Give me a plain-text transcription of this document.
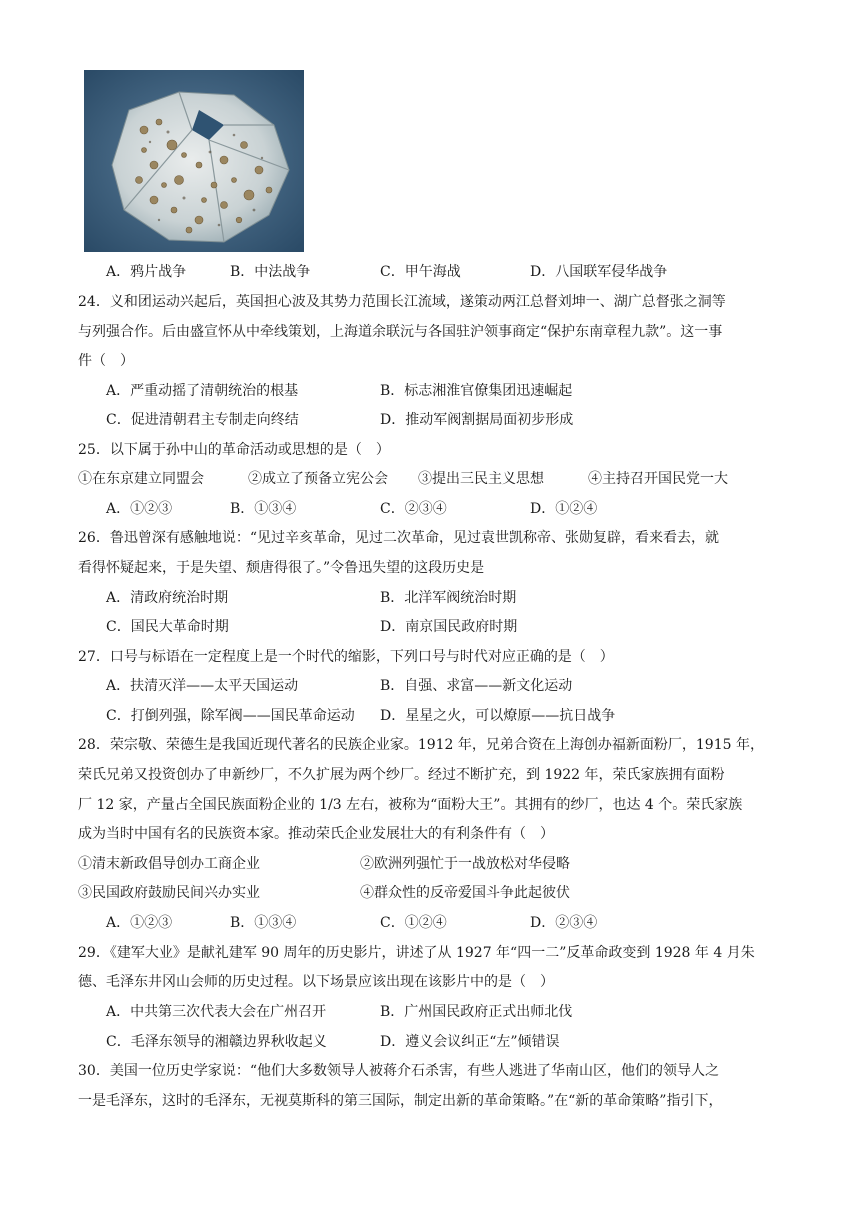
A．鸦片战争	B．中法战争	C．甲午海战	D．八国联军侵华战争
24．义和团运动兴起后，英国担心波及其势力范围长江流域，遂策动两江总督刘坤一、湖广总督张之洞等
与列强合作。后由盛宣怀从中牵线策划，上海道余联沅与各国驻沪领事商定“保护东南章程九款”。这一事
件（　）
A．严重动摇了清朝统治的根基	B．标志湘淮官僚集团迅速崛起
C．促进清朝君主专制走向终结	D．推动军阀割据局面初步形成
25．以下属于孙中山的革命活动或思想的是（　）
①在东京建立同盟会	②成立了预备立宪公会 ③提出三民主义思想	④主持召开国民党一大
A．①②③	B．①③④	C．②③④	D．①②④
26．鲁迅曾深有感触地说：“见过辛亥革命，见过二次革命，见过袁世凯称帝、张勋复辟，看来看去，就
看得怀疑起来，于是失望、颓唐得很了。”令鲁迅失望的这段历史是
A．清政府统治时期	B．北洋军阀统治时期
C．国民大革命时期	D．南京国民政府时期
27．口号与标语在一定程度上是一个时代的缩影，下列口号与时代对应正确的是（　）
A．扶清灭洋——太平天国运动	B．自强、求富——新文化运动
C．打倒列强，除军阀——国民革命运动 D．星星之火，可以燎原——抗日战争
28．荣宗敬、荣德生是我国近现代著名的民族企业家。1912 年，兄弟合资在上海创办福新面粉厂，1915 年，
荣氏兄弟又投资创办了申新纱厂，不久扩展为两个纱厂。经过不断扩充，到 1922 年，荣氏家族拥有面粉
厂 12 家，产量占全国民族面粉企业的 1/3 左右，被称为“面粉大王”。其拥有的纱厂，也达 4 个。荣氏家族
成为当时中国有名的民族资本家。推动荣氏企业发展壮大的有利条件有（　）
①清末新政倡导创办工商企业	②欧洲列强忙于一战放松对华侵略
③民国政府鼓励民间兴办实业	④群众性的反帝爱国斗争此起彼伏
A．①②③	B．①③④	C．①②④	D．②③④
29．《建军大业》是献礼建军 90 周年的历史影片，讲述了从 1927 年“四一二”反革命政变到 1928 年 4 月朱
德、毛泽东井冈山会师的历史过程。以下场景应该出现在该影片中的是（　）
A．中共第三次代表大会在广州召开	B．广州国民政府正式出师北伐
C．毛泽东领导的湘赣边界秋收起义	D．遵义会议纠正“左”倾错误
30．美国一位历史学家说：“他们大多数领导人被蒋介石杀害，有些人逃进了华南山区，他们的领导人之
一是毛泽东，这时的毛泽东，无视莫斯科的第三国际，制定出新的革命策略。”在“新的革命策略”指引下，
